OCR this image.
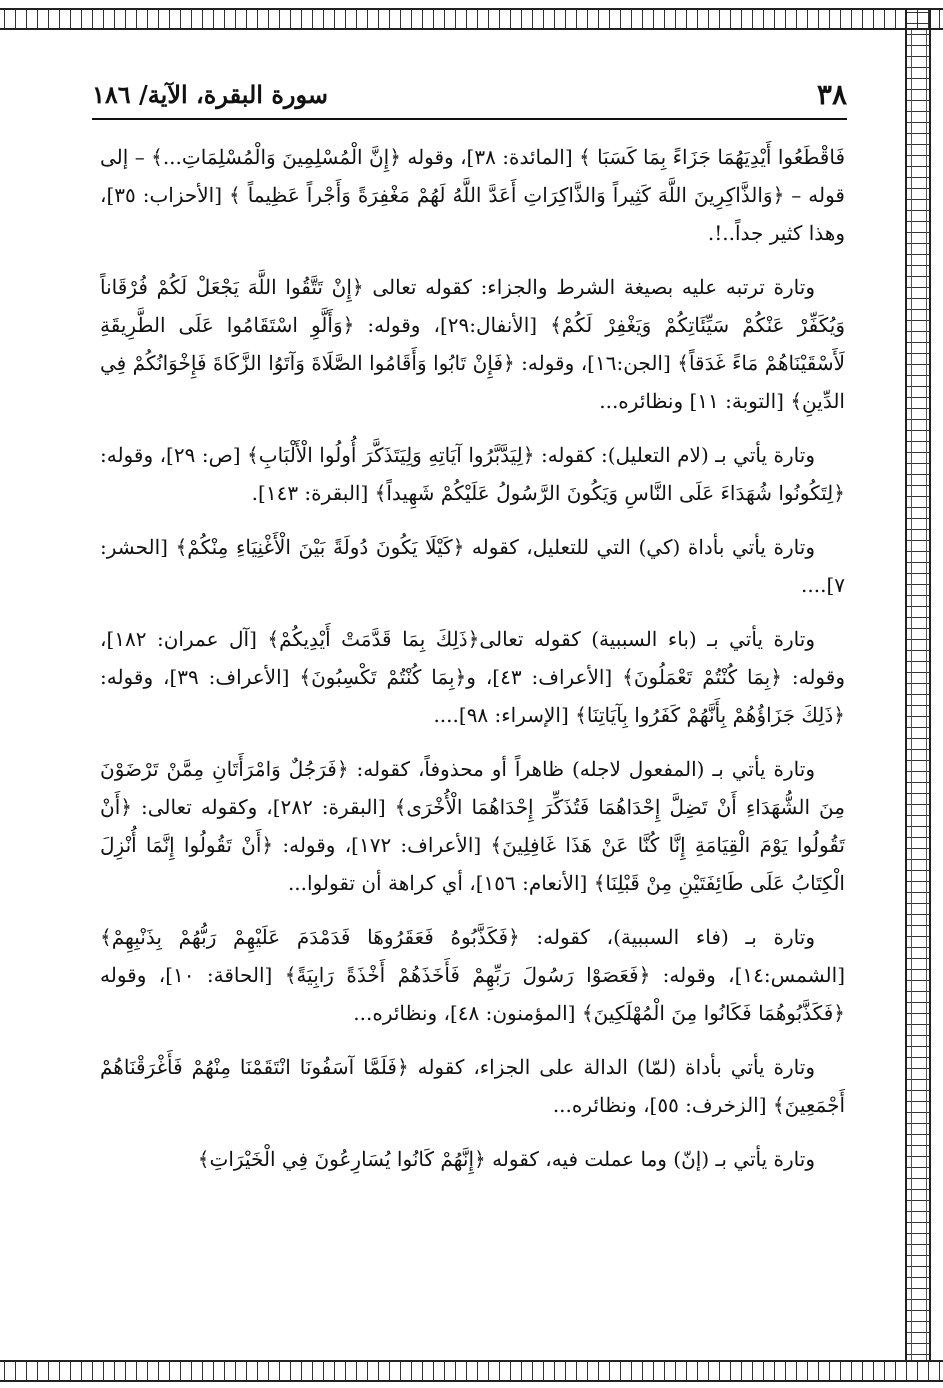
٣٨
سورة البقرة، الآية/ ١٨٦

فَاقْطَعُوا أَيْدِيَهُمَا جَزَاءً بِمَا كَسَبَا ﴾ [المائدة: ٣٨]، وقوله ﴿إِنَّ الْمُسْلِمِينَ وَالْمُسْلِمَاتِ...﴾ – إلى قوله – ﴿وَالذَّاكِرِينَ اللَّهَ كَثِيراً وَالذَّاكِرَاتِ أَعَدَّ اللَّهُ لَهُمْ مَغْفِرَةً وَأَجْراً عَظِيماً ﴾ [الأحزاب: ٣٥]، وهذا كثير جداً..!.

وتارة ترتبه عليه بصيغة الشرط والجزاء: كقوله تعالى ﴿إِنْ تَتَّقُوا اللَّهَ يَجْعَلْ لَكُمْ فُرْقَاناً وَيُكَفِّرْ عَنْكُمْ سَيِّئَاتِكُمْ وَيَغْفِرْ لَكُمْ﴾ [الأنفال:٢٩]، وقوله: ﴿وَأَلَّوِ اسْتَقَامُوا عَلَى الطَّرِيقَةِ لَأَسْقَيْنَاهُمْ مَاءً غَدَقاً﴾ [الجن:١٦]، وقوله: ﴿فَإِنْ تَابُوا وَأَقَامُوا الصَّلَاةَ وَآتَوُا الزَّكَاةَ فَإِخْوَانُكُمْ فِي الدِّينِ﴾ [التوبة: ١١] ونظائره...

وتارة يأتي بـ (لام التعليل): كقوله: ﴿لِيَدَّبَّرُوا آيَاتِهِ وَلِيَتَذَكَّرَ أُولُوا الْأَلْبَابِ﴾ [ص: ٢٩]، وقوله: ﴿لِتَكُونُوا شُهَدَاءَ عَلَى النَّاسِ وَيَكُونَ الرَّسُولُ عَلَيْكُمْ شَهِيداً﴾ [البقرة: ١٤٣].

وتارة يأتي بأداة (كي) التي للتعليل، كقوله ﴿كَيْلَا يَكُونَ دُولَةً بَيْنَ الْأَغْنِيَاءِ مِنْكُمْ﴾ [الحشر: ٧]....

وتارة يأتي بـ (باء السببية) كقوله تعالى﴿ذَلِكَ بِمَا قَدَّمَتْ أَيْدِيكُمْ﴾ [آل عمران: ١٨٢]، وقوله: ﴿بِمَا كُنْتُمْ تَعْمَلُونَ﴾ [الأعراف: ٤٣]، و﴿بِمَا كُنْتُمْ تَكْسِبُونَ﴾ [الأعراف: ٣٩]، وقوله: ﴿ذَلِكَ جَزَاؤُهُمْ بِأَنَّهُمْ كَفَرُوا بِآيَاتِنَا﴾ [الإسراء: ٩٨]....

وتارة يأتي بـ (المفعول لاجله) ظاهراً أو محذوفاً، كقوله: ﴿فَرَجُلٌ وَامْرَأَتَانِ مِمَّنْ تَرْضَوْنَ مِنَ الشُّهَدَاءِ أَنْ تَضِلَّ إِحْدَاهُمَا فَتُذَكِّرَ إِحْدَاهُمَا الْأُخْرَى﴾ [البقرة: ٢٨٢]، وكقوله تعالى: ﴿أَنْ تَقُولُوا يَوْمَ الْقِيَامَةِ إِنَّا كُنَّا عَنْ هَذَا غَافِلِينَ﴾ [الأعراف: ١٧٢]، وقوله: ﴿أَنْ تَقُولُوا إِنَّمَا أُنْزِلَ الْكِتَابُ عَلَى طَائِفَتَيْنِ مِنْ قَبْلِنَا﴾ [الأنعام: ١٥٦]، أي كراهة أن تقولوا...

وتارة بـ (فاء السببية)، كقوله: ﴿فَكَذَّبُوهُ فَعَقَرُوهَا فَدَمْدَمَ عَلَيْهِمْ رَبُّهُمْ بِذَنْبِهِمْ﴾ [الشمس:١٤]، وقوله: ﴿فَعَصَوْا رَسُولَ رَبِّهِمْ فَأَخَذَهُمْ أَخْذَةً رَابِيَةً﴾ [الحاقة: ١٠]، وقوله ﴿فَكَذَّبُوهُمَا فَكَانُوا مِنَ الْمُهْلَكِينَ﴾ [المؤمنون: ٤٨]، ونظائره...

وتارة يأتي بأداة (لمّا) الدالة على الجزاء، كقوله ﴿فَلَمَّا آسَفُونَا انْتَقَمْنَا مِنْهُمْ فَأَغْرَقْنَاهُمْ أَجْمَعِينَ﴾ [الزخرف: ٥٥]، ونظائره...

وتارة يأتي بـ (إنّ) وما عملت فيه، كقوله ﴿إِنَّهُمْ كَانُوا يُسَارِعُونَ فِي الْخَيْرَاتِ﴾
